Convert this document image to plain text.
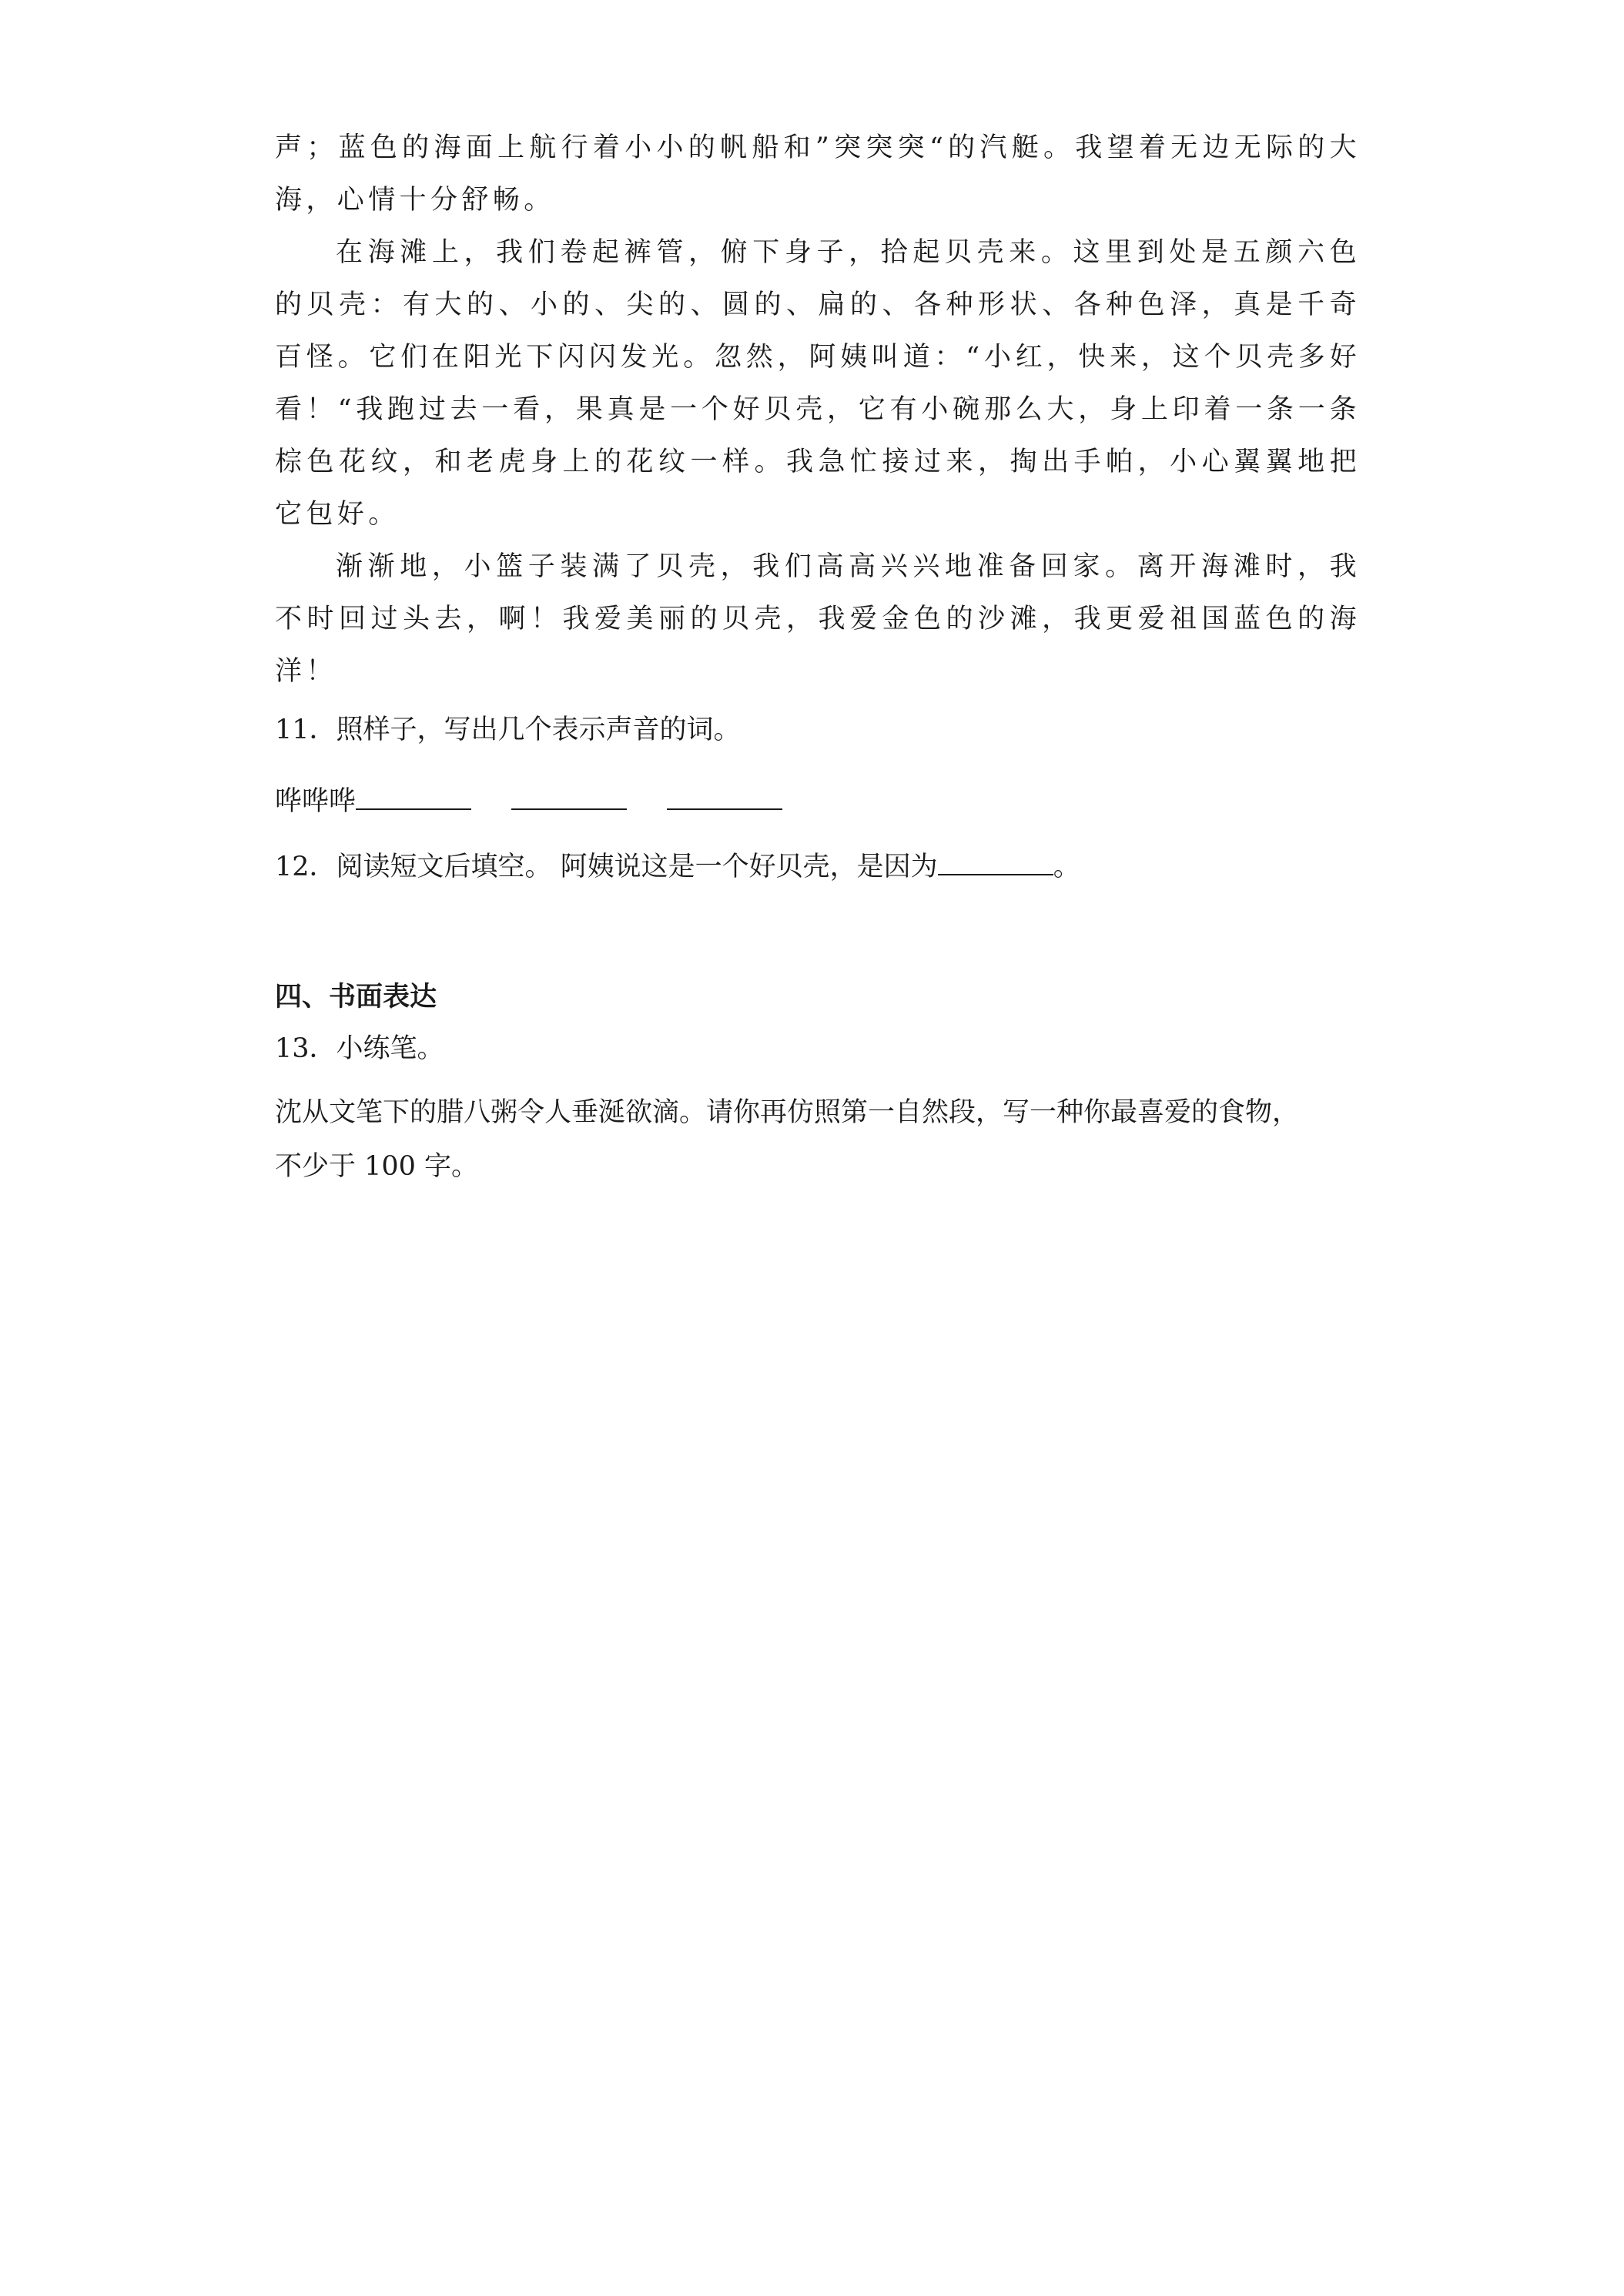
声；蓝色的海面上航行着小小的帆船和”突突突“的汽艇。我望着无边无际的大海，心情十分舒畅。

在海滩上，我们卷起裤管，俯下身子，拾起贝壳来。这里到处是五颜六色的贝壳：有大的、小的、尖的、圆的、扁的、各种形状、各种色泽，真是千奇百怪。它们在阳光下闪闪发光。忽然，阿姨叫道：“小红，快来，这个贝壳多好看！“我跑过去一看，果真是一个好贝壳，它有小碗那么大，身上印着一条一条棕色花纹，和老虎身上的花纹一样。我急忙接过来，掏出手帕，小心翼翼地把它包好。

渐渐地，小篮子装满了贝壳，我们高高兴兴地准备回家。离开海滩时，我不时回过头去，啊！我爱美丽的贝壳，我爱金色的沙滩，我更爱祖国蓝色的海洋！

11．照样子，写出几个表示声音的词。
哗哗哗
12．阅读短文后填空。 阿姨说这是一个好贝壳，是因为	。
四、书面表达
13．小练笔。

沈从文笔下的腊八粥令人垂涎欲滴。请你再仿照第一自然段，写一种你最喜爱的食物，

不少于 100 字。
